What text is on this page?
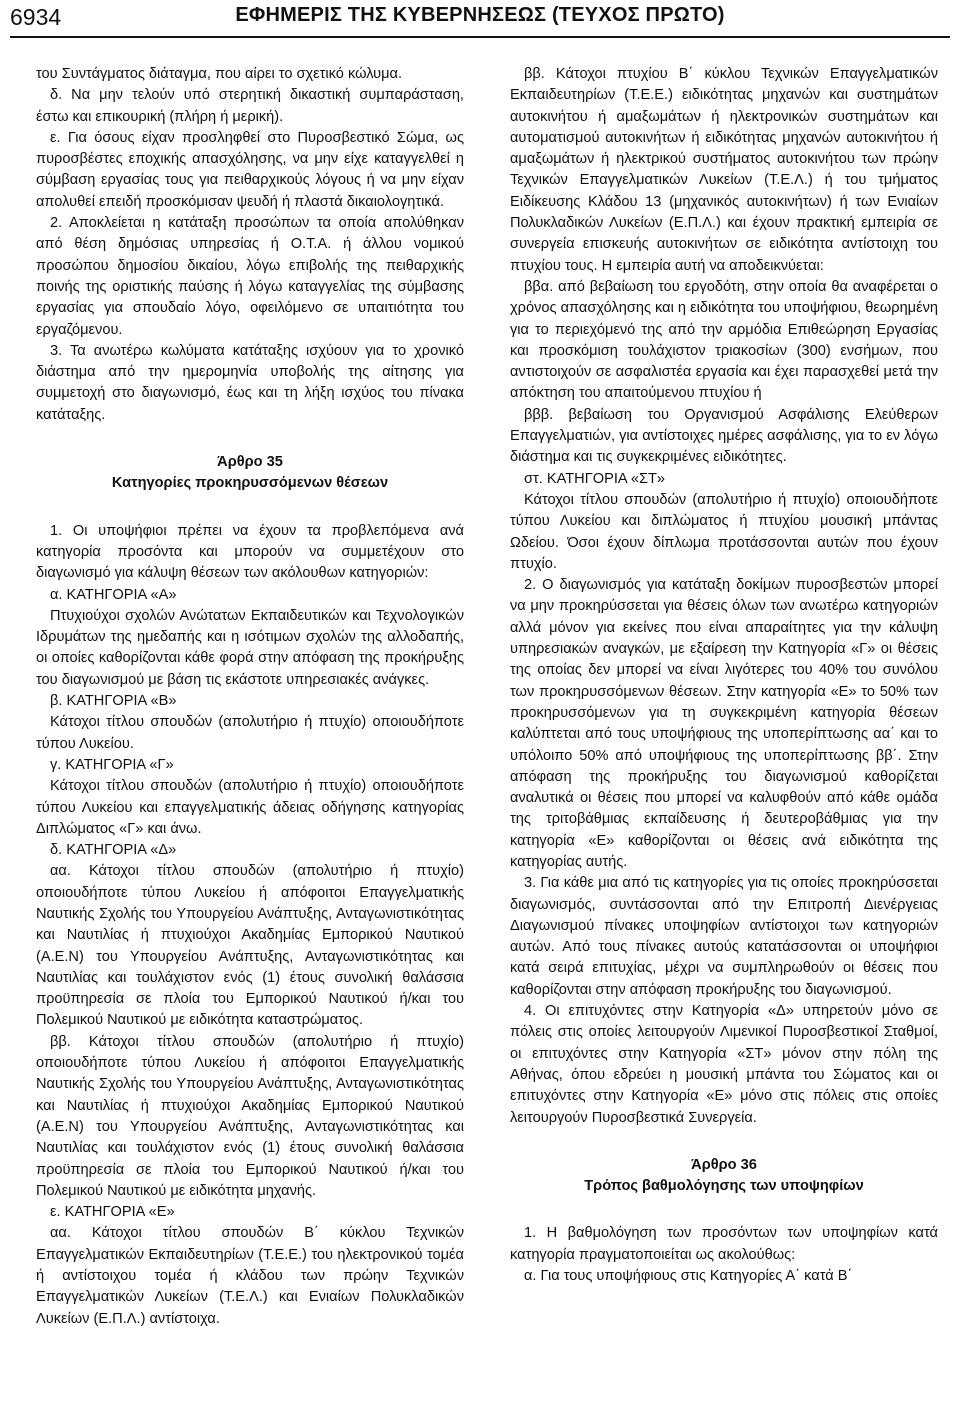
6934	ΕΦΗΜΕΡΙΣ ΤΗΣ ΚΥΒΕΡΝΗΣΕΩΣ (ΤΕΥΧΟΣ ΠΡΩΤΟ)

του Συντάγματος διάταγμα, που αίρει το σχετικό κώλυμα.

δ. Να μην τελούν υπό στερητική δικαστική συμπαράσταση, έστω και επικουρική (πλήρη ή μερική).

ε. Για όσους είχαν προσληφθεί στο Πυροσβεστικό Σώμα, ως πυροσβέστες εποχικής απασχόλησης, να μην είχε καταγγελθεί η σύμβαση εργασίας τους για πειθαρχικούς λόγους ή να μην είχαν απολυθεί επειδή προσκόμισαν ψευδή ή πλαστά δικαιολογητικά.

2. Αποκλείεται η κατάταξη προσώπων τα οποία απολύθηκαν από θέση δημόσιας υπηρεσίας ή Ο.Τ.Α. ή άλλου νομικού προσώπου δημοσίου δικαίου, λόγω επιβολής της πειθαρχικής ποινής της οριστικής παύσης ή λόγω καταγγελίας της σύμβασης εργασίας για σπουδαίο λόγο, οφειλόμενο σε υπαιτιότητα του εργαζόμενου.

3. Τα ανωτέρω κωλύματα κατάταξης ισχύουν για το χρονικό διάστημα από την ημερομηνία υποβολής της αίτησης για συμμετοχή στο διαγωνισμό, έως και τη λήξη ισχύος του πίνακα κατάταξης.

Άρθρο 35
Κατηγορίες προκηρυσσόμενων θέσεων

1. Οι υποψήφιοι πρέπει να έχουν τα προβλεπόμενα ανά κατηγορία προσόντα και μπορούν να συμμετέχουν στο διαγωνισμό για κάλυψη θέσεων των ακόλουθων κατηγοριών:

α. ΚΑΤΗΓΟΡΙΑ «Α»

Πτυχιούχοι σχολών Ανώτατων Εκπαιδευτικών και Τεχνολογικών Ιδρυμάτων της ημεδαπής και η ισότιμων σχολών της αλλοδαπής, οι οποίες καθορίζονται κάθε φορά στην απόφαση της προκήρυξης του διαγωνισμού με βάση τις εκάστοτε υπηρεσιακές ανάγκες.

β. ΚΑΤΗΓΟΡΙΑ «Β»

Κάτοχοι τίτλου σπουδών (απολυτήριο ή πτυχίο) οποιουδήποτε τύπου Λυκείου.

γ. ΚΑΤΗΓΟΡΙΑ «Γ»

Κάτοχοι τίτλου σπουδών (απολυτήριο ή πτυχίο) οποιουδήποτε τύπου Λυκείου και επαγγελματικής άδειας οδήγησης κατηγορίας Διπλώματος «Γ» και άνω.

δ. ΚΑΤΗΓΟΡΙΑ «Δ»

αα. Κάτοχοι τίτλου σπουδών (απολυτήριο ή πτυχίο) οποιουδήποτε τύπου Λυκείου ή απόφοιτοι Επαγγελματικής Ναυτικής Σχολής του Υπουργείου Ανάπτυξης, Ανταγωνιστικότητας και Ναυτιλίας ή πτυχιούχοι Ακαδημίας Εμπορικού Ναυτικού (Α.Ε.Ν) του Υπουργείου Ανάπτυξης, Ανταγωνιστικότητας και Ναυτιλίας και τουλάχιστον ενός (1) έτους συνολική θαλάσσια προϋπηρεσία σε πλοία του Εμπορικού Ναυτικού ή/και του Πολεμικού Ναυτικού με ειδικότητα καταστρώματος.

ββ. Κάτοχοι τίτλου σπουδών (απολυτήριο ή πτυχίο) οποιουδήποτε τύπου Λυκείου ή απόφοιτοι Επαγγελματικής Ναυτικής Σχολής του Υπουργείου Ανάπτυξης, Ανταγωνιστικότητας και Ναυτιλίας ή πτυχιούχοι Ακαδημίας Εμπορικού Ναυτικού (Α.Ε.Ν) του Υπουργείου Ανάπτυξης, Ανταγωνιστικότητας και Ναυτιλίας και τουλάχιστον ενός (1) έτους συνολική θαλάσσια προϋπηρεσία σε πλοία του Εμπορικού Ναυτικού ή/και του Πολεμικού Ναυτικού με ειδικότητα μηχανής.

ε. ΚΑΤΗΓΟΡΙΑ «Ε»

αα. Κάτοχοι τίτλου σπουδών Β΄ κύκλου Τεχνικών Επαγγελματικών Εκπαιδευτηρίων (Τ.Ε.Ε.) του ηλεκτρονικού τομέα ή αντίστοιχου τομέα ή κλάδου των πρώην Τεχνικών Επαγγελματικών Λυκείων (Τ.Ε.Λ.) και Ενιαίων Πολυκλαδικών Λυκείων (Ε.Π.Λ.) αντίστοιχα.

ββ. Κάτοχοι πτυχίου Β΄ κύκλου Τεχνικών Επαγγελματικών Εκπαιδευτηρίων (Τ.Ε.Ε.) ειδικότητας μηχανών και συστημάτων αυτοκινήτου ή αμαξωμάτων ή ηλεκτρονικών συστημάτων και αυτοματισμού αυτοκινήτων ή ειδικότητας μηχανών αυτοκινήτου ή αμαξωμάτων ή ηλεκτρικού συστήματος αυτοκινήτου των πρώην Τεχνικών Επαγγελματικών Λυκείων (Τ.Ε.Λ.) ή του τμήματος Ειδίκευσης Κλάδου 13 (μηχανικός αυτοκινήτων) ή των Ενιαίων Πολυκλαδικών Λυκείων (Ε.Π.Λ.) και έχουν πρακτική εμπειρία σε συνεργεία επισκευής αυτοκινήτων σε ειδικότητα αντίστοιχη του πτυχίου τους. Η εμπειρία αυτή να αποδεικνύεται:

ββα. από βεβαίωση του εργοδότη, στην οποία θα αναφέρεται ο χρόνος απασχόλησης και η ειδικότητα του υποψήφιου, θεωρημένη για το περιεχόμενό της από την αρμόδια Επιθεώρηση Εργασίας και προσκόμιση τουλάχιστον τριακοσίων (300) ενσήμων, που αντιστοιχούν σε ασφαλιστέα εργασία και έχει παρασχεθεί μετά την απόκτηση του απαιτούμενου πτυχίου ή

βββ. βεβαίωση του Οργανισμού Ασφάλισης Ελεύθερων Επαγγελματιών, για αντίστοιχες ημέρες ασφάλισης, για το εν λόγω διάστημα και τις συγκεκριμένες ειδικότητες.

στ. ΚΑΤΗΓΟΡΙΑ «ΣΤ»

Κάτοχοι τίτλου σπουδών (απολυτήριο ή πτυχίο) οποιουδήποτε τύπου Λυκείου και διπλώματος ή πτυχίου μουσική μπάντας Ωδείου. Όσοι έχουν δίπλωμα προτάσσονται αυτών που έχουν πτυχίο.

2. Ο διαγωνισμός για κατάταξη δοκίμων πυροσβεστών μπορεί να μην προκηρύσσεται για θέσεις όλων των ανωτέρω κατηγοριών αλλά μόνον για εκείνες που είναι απαραίτητες για την κάλυψη υπηρεσιακών αναγκών, με εξαίρεση την Κατηγορία «Γ» οι θέσεις της οποίας δεν μπορεί να είναι λιγότερες του 40% του συνόλου των προκηρυσσόμενων θέσεων. Στην κατηγορία «Ε» το 50% των προκηρυσσόμενων για τη συγκεκριμένη κατηγορία θέσεων καλύπτεται από τους υποψήφιους της υποπερίπτωσης αα΄ και το υπόλοιπο 50% από υποψήφιους της υποπερίπτωσης ββ΄. Στην απόφαση της προκήρυξης του διαγωνισμού καθορίζεται αναλυτικά οι θέσεις που μπορεί να καλυφθούν από κάθε ομάδα της τριτοβάθμιας εκπαίδευσης ή δευτεροβάθμιας για την κατηγορία «Ε» καθορίζονται οι θέσεις ανά ειδικότητα της κατηγορίας αυτής.

3. Για κάθε μια από τις κατηγορίες για τις οποίες προκηρύσσεται διαγωνισμός, συντάσσονται από την Επιτροπή Διενέργειας Διαγωνισμού πίνακες υποψηφίων αντίστοιχοι των κατηγοριών αυτών. Από τους πίνακες αυτούς κατατάσσονται οι υποψήφιοι κατά σειρά επιτυχίας, μέχρι να συμπληρωθούν οι θέσεις που καθορίζονται στην απόφαση προκήρυξης του διαγωνισμού.

4. Οι επιτυχόντες στην Κατηγορία «Δ» υπηρετούν μόνο σε πόλεις στις οποίες λειτουργούν Λιμενικοί Πυροσβεστικοί Σταθμοί, οι επιτυχόντες στην Κατηγορία «ΣΤ» μόνον στην πόλη της Αθήνας, όπου εδρεύει η μουσική μπάντα του Σώματος και οι επιτυχόντες στην Κατηγορία «Ε» μόνο στις πόλεις στις οποίες λειτουργούν Πυροσβεστικά Συνεργεία.

Άρθρο 36
Τρόπος βαθμολόγησης των υποψηφίων

1. Η βαθμολόγηση των προσόντων των υποψηφίων κατά κατηγορία πραγματοποιείται ως ακολούθως:

α. Για τους υποψήφιους στις Κατηγορίες Α΄ κατά Β΄
